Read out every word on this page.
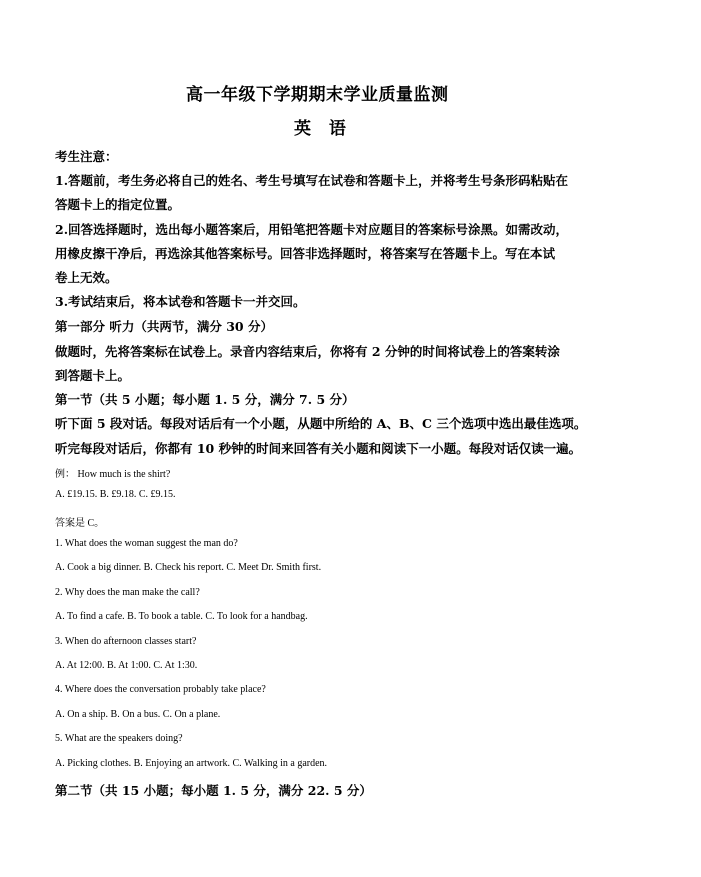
高一年级下学期期末学业质量监测
英 语
考生注意：
1.答题前，考生务必将自己的姓名、考生号填写在试卷和答题卡上，并将考生号条形码粘贴在
答题卡上的指定位置。
2.回答选择题时，选出每小题答案后，用铅笔把答题卡对应题目的答案标号涂黑。如需改动，
用橡皮擦干净后，再选涂其他答案标号。回答非选择题时，将答案写在答题卡上。写在本试
卷上无效。
3.考试结束后，将本试卷和答题卡一并交回。
第一部分 听力（共两节，满分 30 分）
做题时，先将答案标在试卷上。录音内容结束后，你将有 2 分钟的时间将试卷上的答案转涂
到答题卡上。
第一节（共 5 小题；每小题 1. 5 分，满分 7. 5 分）
听下面 5 段对话。每段对话后有一个小题，从题中所给的 A、B、C 三个选项中选出最佳选项。
听完每段对话后，你都有 10 秒钟的时间来回答有关小题和阅读下一小题。每段对话仅读一遍。
例： How much is the shirt?
A. £19.15. B. £9.18. C. £9.15.
答案是 C。
1. What does the woman suggest the man do?
A. Cook a big dinner. B. Check his report. C. Meet Dr. Smith first.
2. Why does the man make the call?
A. To find a cafe. B. To book a table. C. To look for a handbag.
3. When do afternoon classes start?
A. At 12:00. B. At 1:00. C. At 1:30.
4. Where does the conversation probably take place?
A. On a ship. B. On a bus. C. On a plane.
5. What are the speakers doing?
A. Picking clothes. B. Enjoying an artwork. C. Walking in a garden.
第二节（共 15 小题；每小题 1. 5 分，满分 22. 5 分）
